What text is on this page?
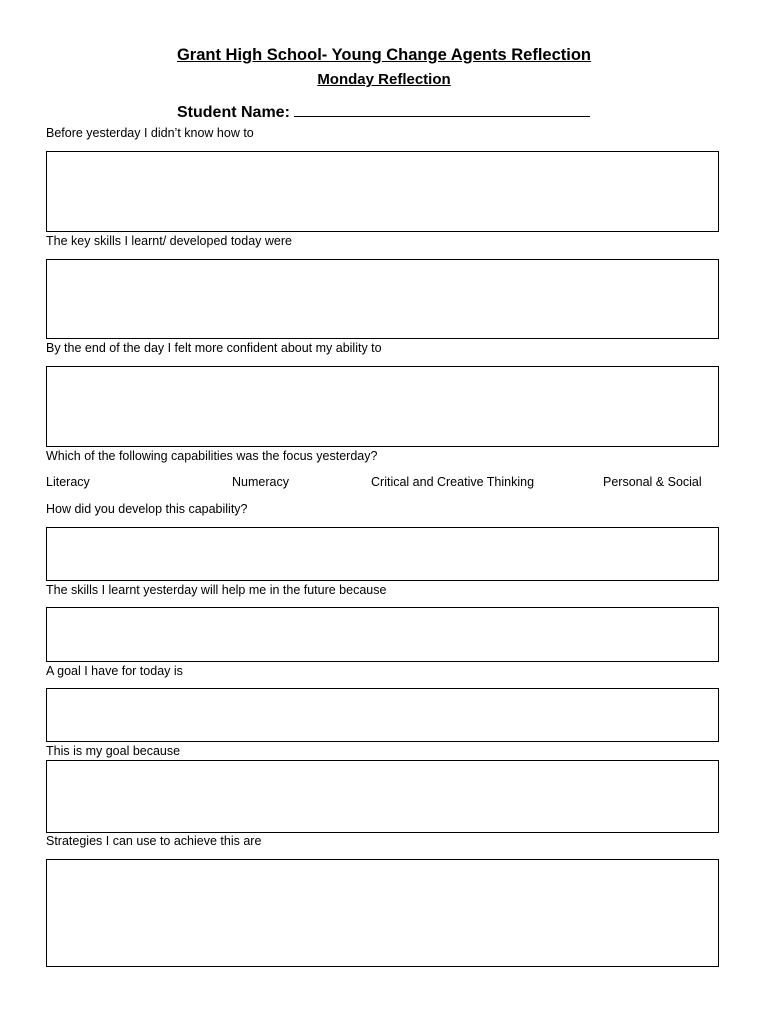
Grant High School- Young Change Agents Reflection
Monday Reflection
Student Name:
Before yesterday I didn’t know how to
The key skills I learnt/ developed today were
By the end of the day I felt more confident about my ability to
Which of the following capabilities was the focus yesterday?
Literacy	Numeracy	Critical and Creative Thinking	Personal & Social
How did you develop this capability?
The skills I learnt yesterday will help me in the future because
A goal I have for today is
This is my goal because
Strategies I can use to achieve this are
